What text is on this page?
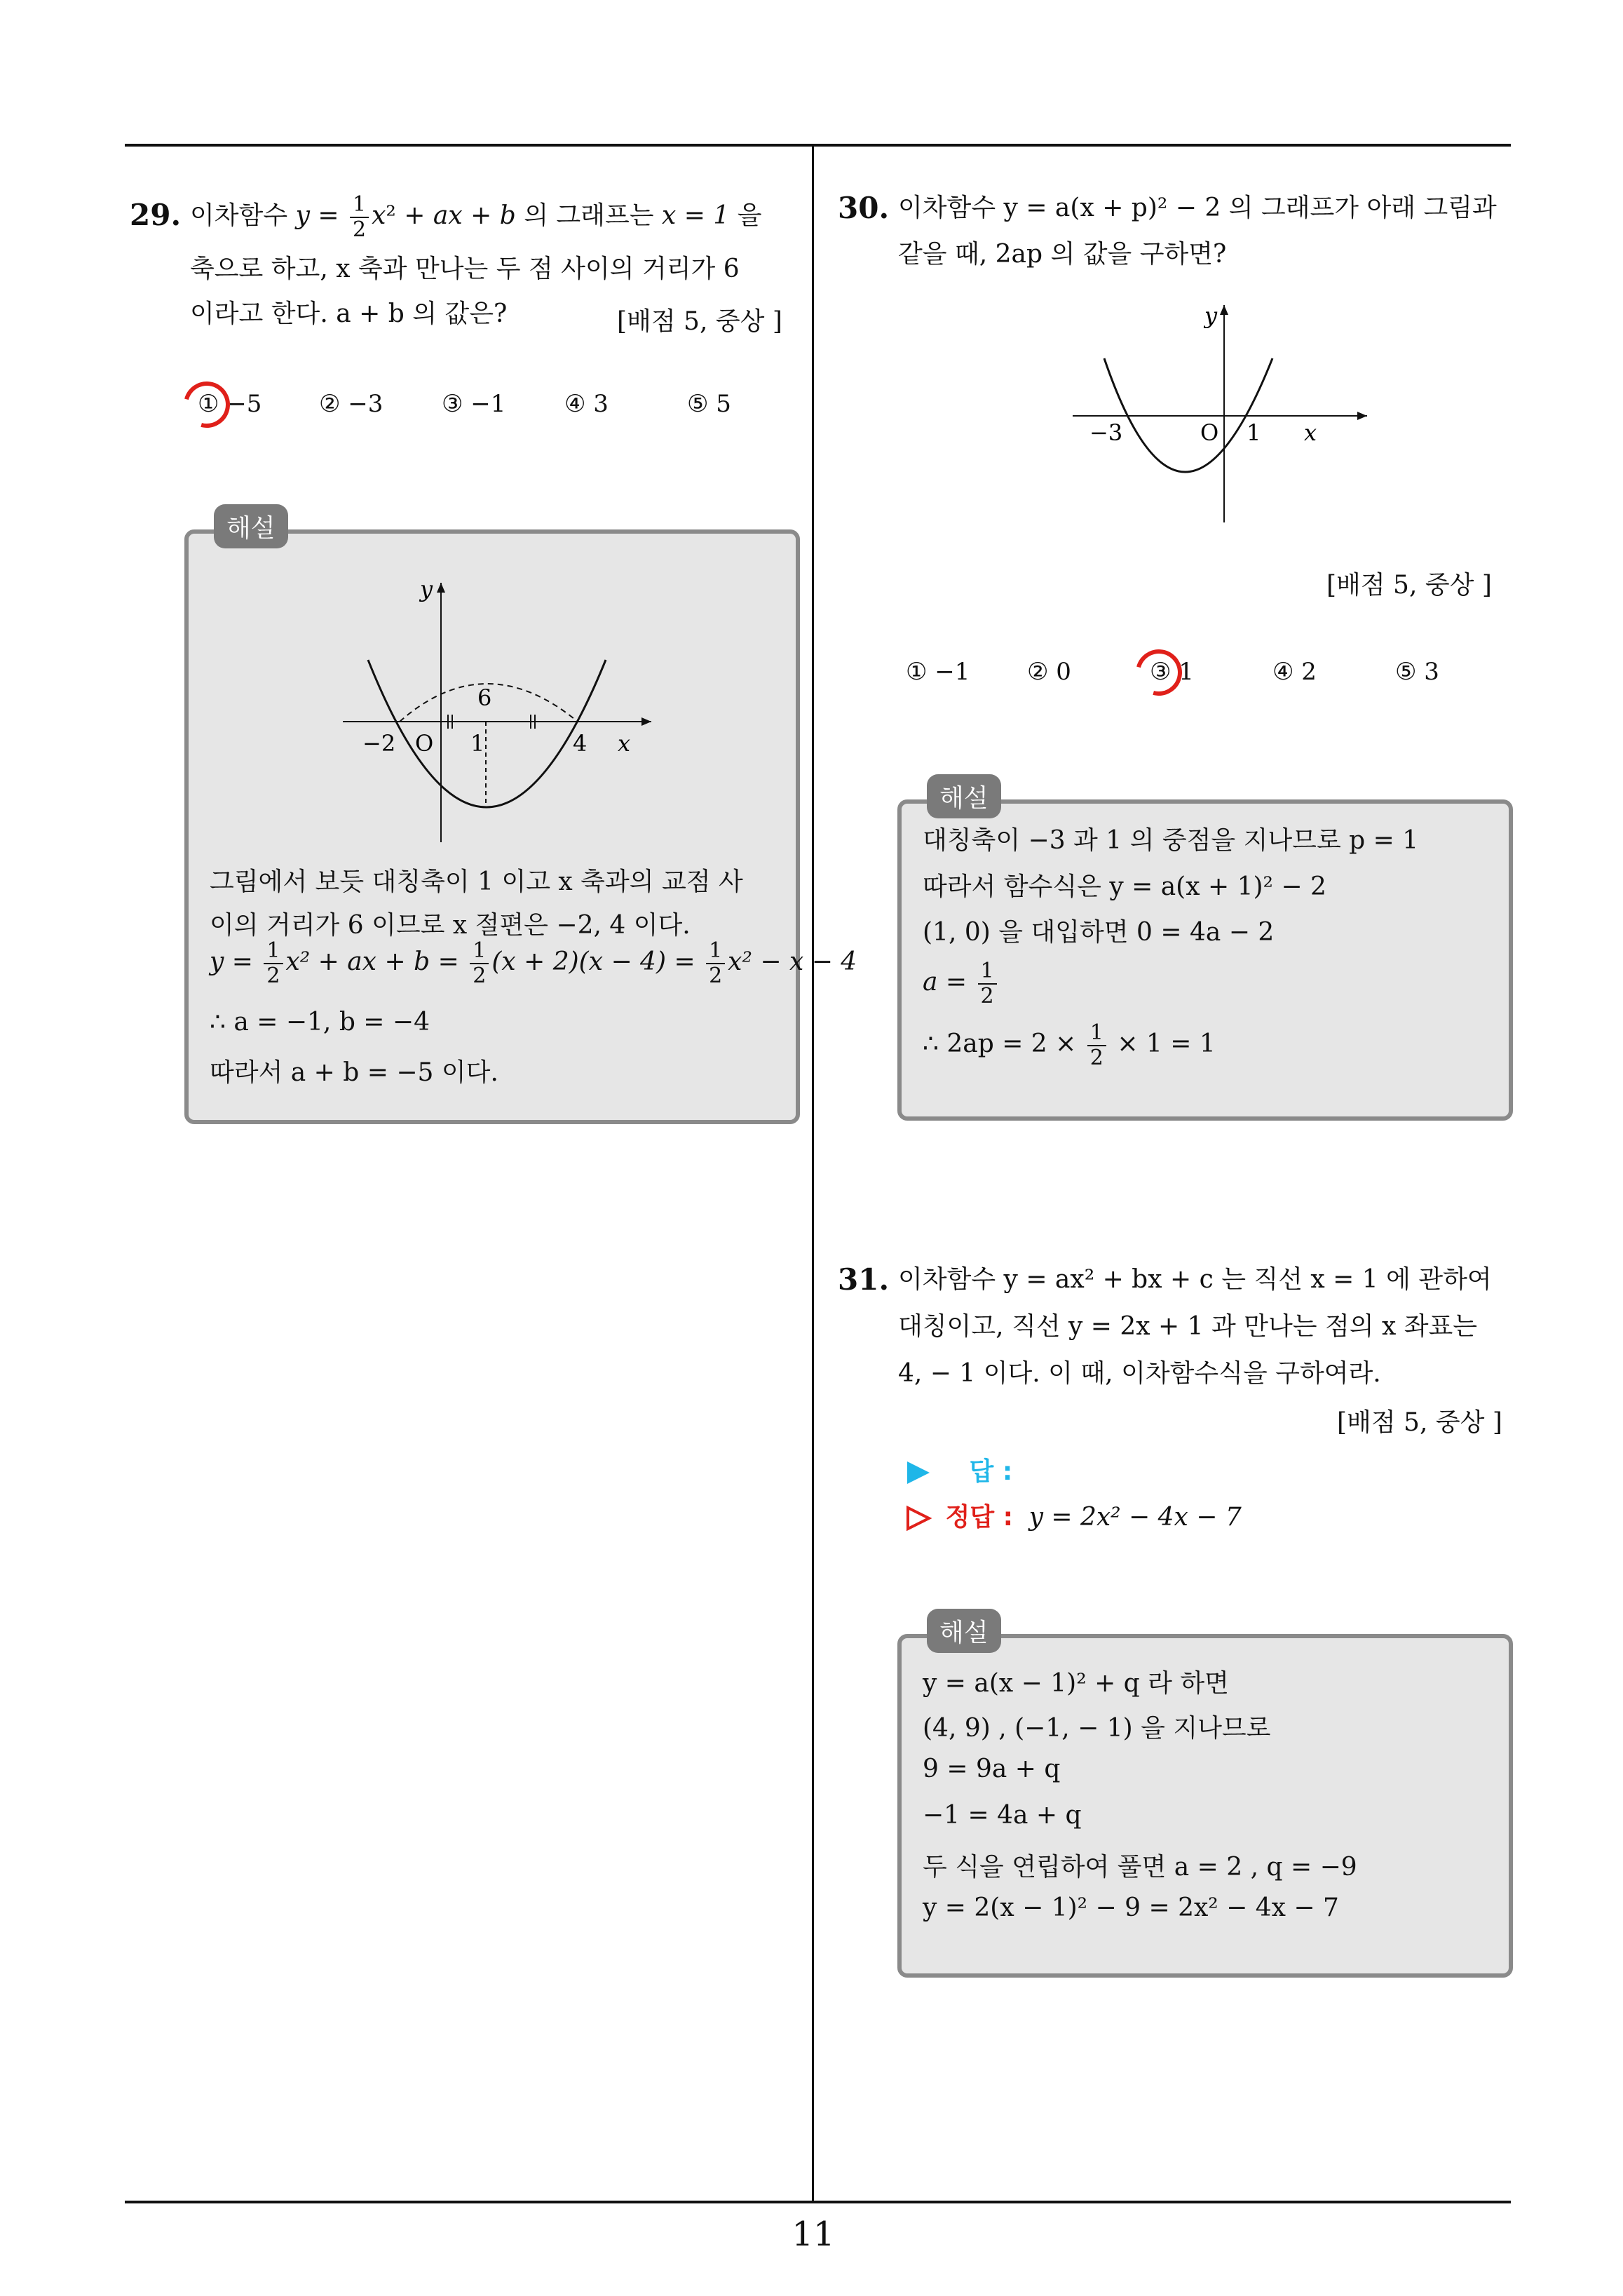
29. 이차함수 $y = \frac{1}{2} x^2$ + ax + b 의 그래프는 x = 1 을
축으로 하고, x 축과 만나는 두 점 사이의 거리가 6
이라고 한다. a + b 의 값은?	[배점 5, 중상 ]
① −5 ② −3 ③ −1 ④ 3	⑤ 5
해설
y
x
O
−2	1	4
6
그림에서 보듯 대칭축이 1 이고 x 축과의 교점 사
이의 거리가 6 이므로 x 절편은 −2, 4 이다.
$y = \frac{1}{2} x^2$ + ax + $b = \frac{1}{2} (x + 2)(x - 4) = \frac{1}{2} x^2 - x - 4$
∴ a = −1, b = −4
따라서 a + b = −5 이다.
30. 이차함수 y = a(x + p)² − 2 의 그래프가 아래 그림과
같을 때, 2ap 의 값을 구하면?
y
x
O
−3	1
[배점 5, 중상 ]
① −1 ② 0	③ 1	④ 2	⑤ 3
해설
대칭축이 −3 과 1 의 중점을 지나므로 p = 1
따라서 함수식은 y = a(x + 1)² − 2
(1, 0) 을 대입하면 0 = 4a − 2
$a = \frac{1}{2}$
∴ $2ap = 2 \times \frac{1}{2} \times 1 = 1$
31. 이차함수 y = ax² + bx + c 는 직선 x = 1 에 관하여
대칭이고, 직선 y = 2x + 1 과 만나는 점의 x 좌표는
4, − 1 이다. 이 때, 이차함수식을 구하여라.
[배점 5, 중상 ]
답 :
정답 : y = 2x² − 4x − 7
해설
y = a(x − 1)² + q 라 하면
(4, 9) , (−1, − 1) 을 지나므로
9 = 9a + q
−1 = 4a + q
두 식을 연립하여 풀면 a = 2 , q = −9
y = 2(x − 1)² − 9 = 2x² − 4x − 7
11
